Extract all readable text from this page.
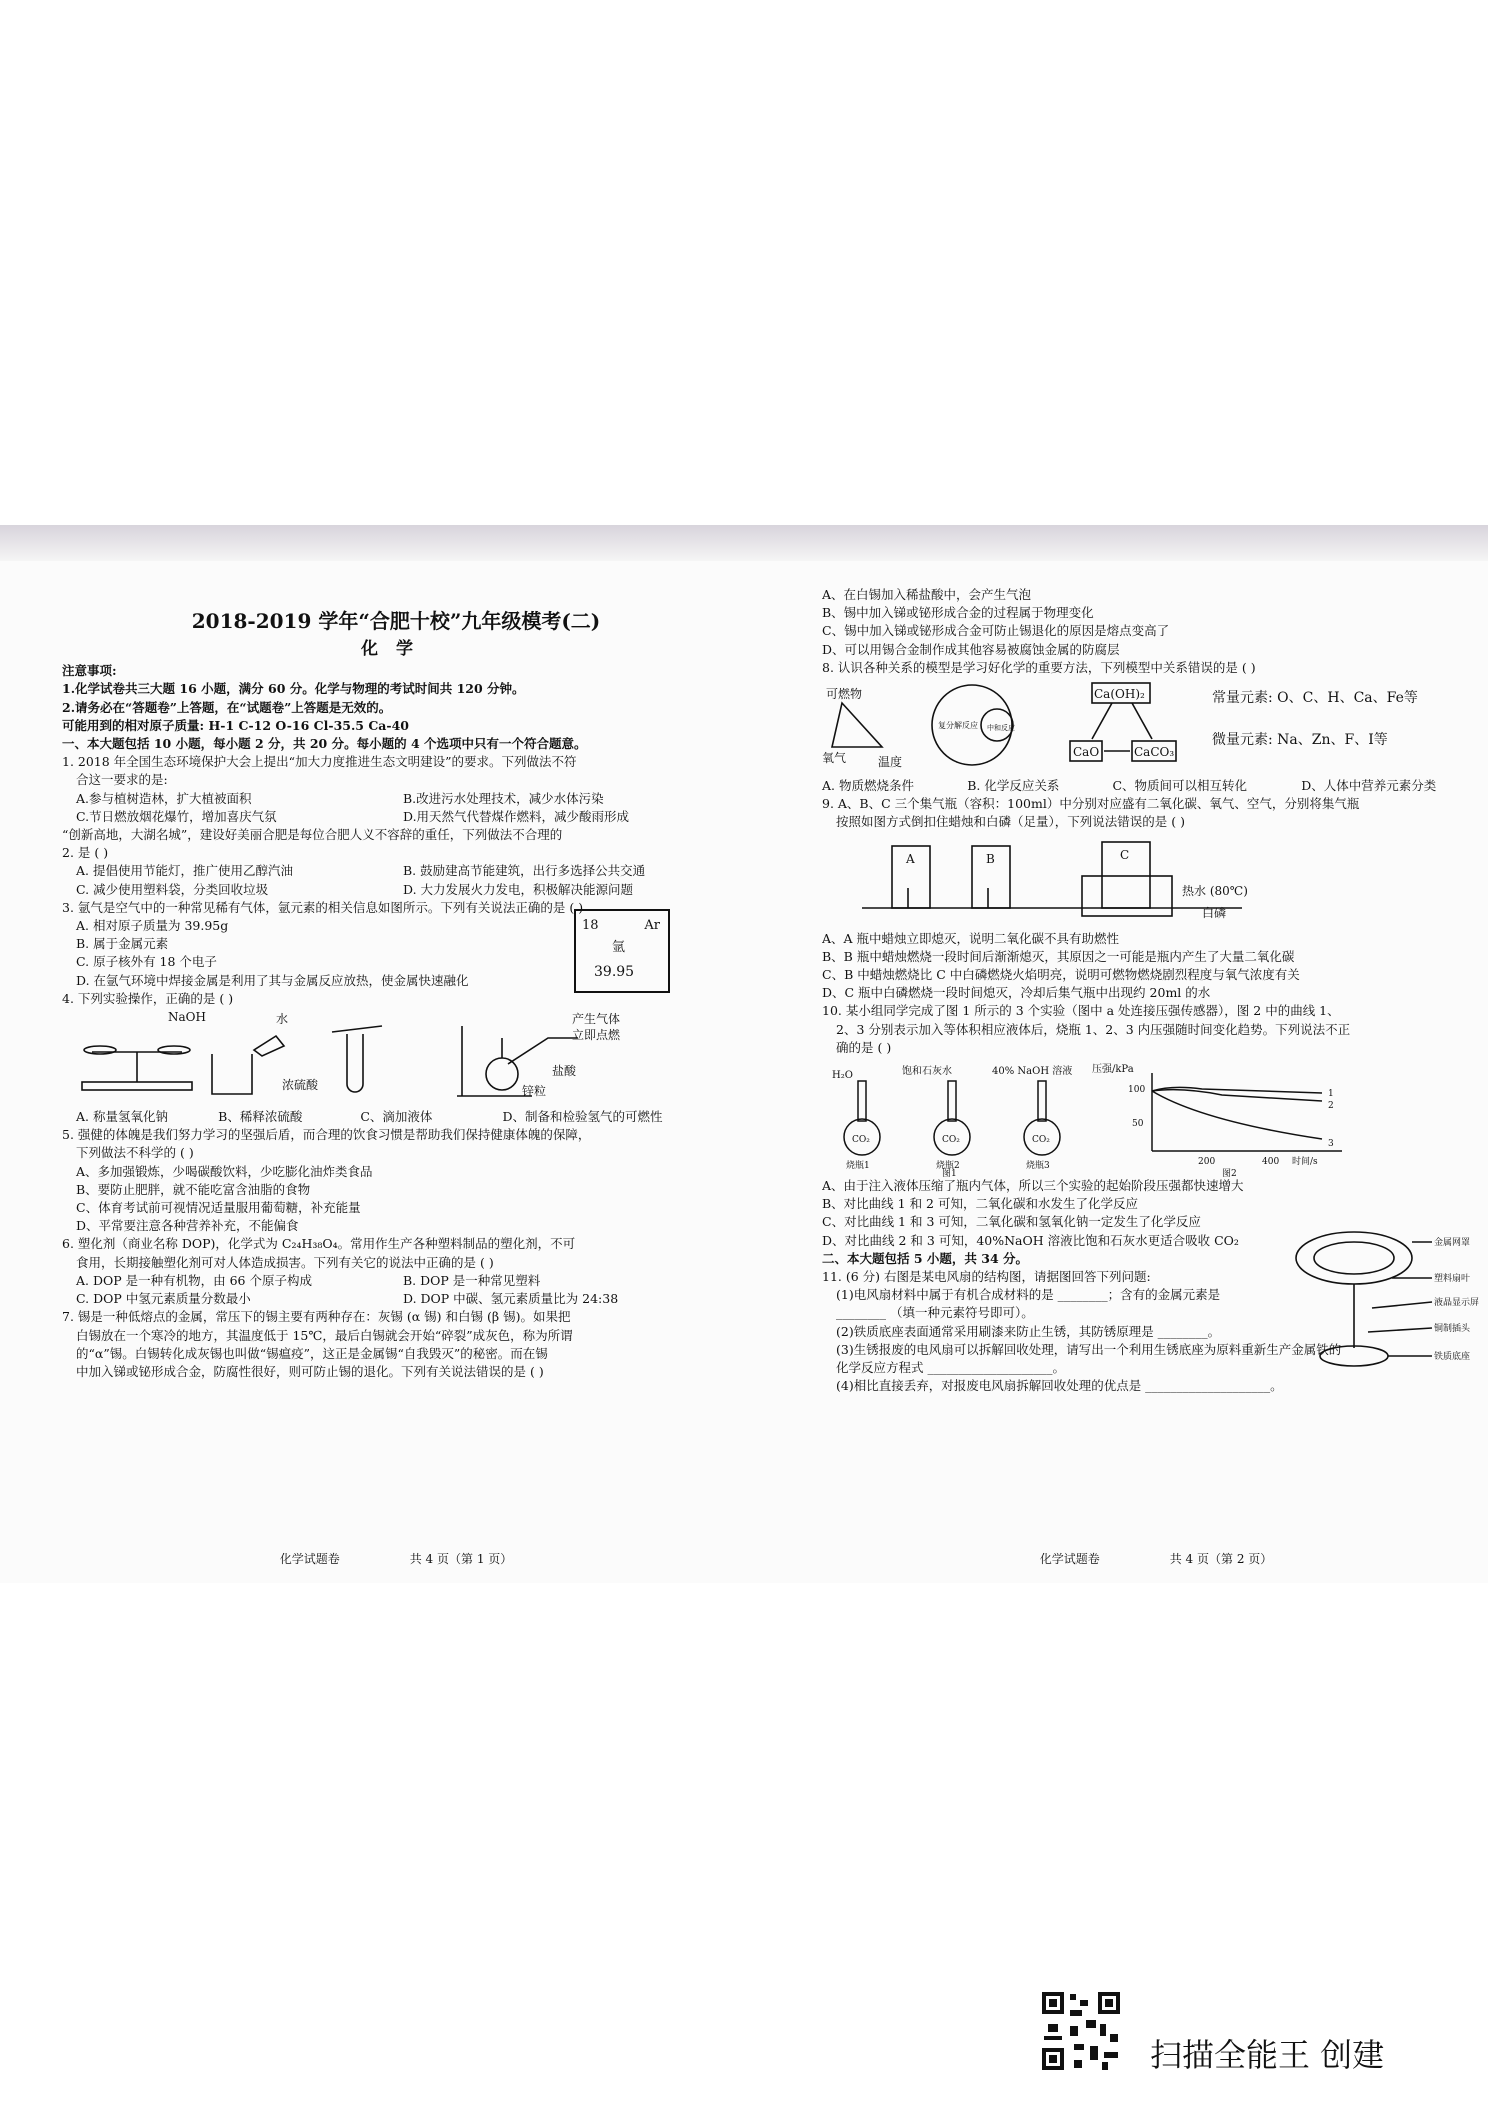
2018-2019 学年“合肥十校”九年级模考(二)
化学
注意事项:
1.化学试卷共三大题 16 小题，满分 60 分。化学与物理的考试时间共 120 分钟。
2.请务必在“答题卷”上答题，在“试题卷”上答题是无效的。
可能用到的相对原子质量: H-1 C-12 O-16 Cl-35.5 Ca-40
一、本大题包括 10 小题，每小题 2 分，共 20 分。每小题的 4 个选项中只有一个符合题意。
1. 2018 年全国生态环境保护大会上提出“加大力度推进生态文明建设”的要求。下列做法不符
合这一要求的是:
A.参与植树造林，扩大植被面积	B.改进污水处理技术，减少水体污染
C.节日燃放烟花爆竹，增加喜庆气氛	D.用天然气代替煤作燃料，减少酸雨形成
“创新高地，大湖名城”，建设好美丽合肥是每位合肥人义不容辞的重任，下列做法不合理的
2. 是 ( )
A. 提倡使用节能灯，推广使用乙醇汽油	B. 鼓励建高节能建筑，出行多选择公共交通
C. 减少使用塑料袋，分类回收垃圾	D. 大力发展火力发电，积极解决能源问题
3. 氩气是空气中的一种常见稀有气体，氩元素的相关信息如图所示。下列有关说法正确的是 ( )
A. 相对原子质量为 39.95g
B. 属于金属元素
C. 原子核外有 18 个电子
D. 在氩气环境中焊接金属是利用了其与金属反应放热，使金属快速融化
18	Ar
氩
39.95
4. 下列实验操作，正确的是 ( )
NaOH	水
浓硫酸
产生气体
立即点燃
盐酸
锌粒
A. 称量氢氧化钠	B、稀释浓硫酸	C、滴加液体	D、制备和检验氢气的可燃性
5. 强健的体魄是我们努力学习的坚强后盾，而合理的饮食习惯是帮助我们保持健康体魄的保障，
下列做法不科学的 ( )
A、多加强锻炼，少喝碳酸饮料，少吃膨化油炸类食品
B、要防止肥胖，就不能吃富含油脂的食物
C、体育考试前可视情况适量服用葡萄糖，补充能量
D、平常要注意各种营养补充，不能偏食
6. 塑化剂（商业名称 DOP)，化学式为 C₂₄H₃₈O₄。常用作生产各种塑料制品的塑化剂，不可
食用，长期接触塑化剂可对人体造成损害。下列有关它的说法中正确的是 ( )
A. DOP 是一种有机物，由 66 个原子构成	B. DOP 是一种常见塑料
C. DOP 中氢元素质量分数最小	D. DOP 中碳、氢元素质量比为 24:38
7. 锡是一种低熔点的金属，常压下的锡主要有两种存在：灰锡 (α 锡) 和白锡 (β 锡)。如果把
白锡放在一个寒冷的地方，其温度低于 15℃，最后白锡就会开始“碎裂”成灰色，称为所谓
的“α”锡。白锡转化成灰锡也叫做“锡瘟疫”，这正是金属锡“自我毁灭”的秘密。而在锡
中加入锑或铋形成合金，防腐性很好，则可防止锡的退化。下列有关说法错误的是 ( )
化学试题卷	共 4 页（第 1 页）
A、在白锡加入稀盐酸中，会产生气泡
B、锡中加入锑或铋形成合金的过程属于物理变化
C、锡中加入锑或铋形成合金可防止锡退化的原因是熔点变高了
D、可以用锡合金制作成其他容易被腐蚀金属的防腐层
8. 认识各种关系的模型是学习好化学的重要方法，下列模型中关系错误的是 ( )
可燃物
氧气	温度
复分解反应 中和反应
Ca(OH)₂
CaO	CaCO₃
常量元素: O、C、H、Ca、Fe等
微量元素: Na、Zn、F、I等
A. 物质燃烧条件	B. 化学反应关系	C、物质间可以相互转化	D、人体中营养元素分类
9. A、B、C 三个集气瓶（容积：100ml）中分别对应盛有二氧化碳、氧气、空气，分别将集气瓶
按照如图方式倒扣住蜡烛和白磷（足量），下列说法错误的是 ( )
A	B	C
热水 (80℃)
白磷
A、A 瓶中蜡烛立即熄灭，说明二氧化碳不具有助燃性
B、B 瓶中蜡烛燃烧一段时间后渐渐熄灭，其原因之一可能是瓶内产生了大量二氧化碳
C、B 中蜡烛燃烧比 C 中白磷燃烧火焰明亮，说明可燃物燃烧剧烈程度与氧气浓度有关
D、C 瓶中白磷燃烧一段时间熄灭，冷却后集气瓶中出现约 20ml 的水
10. 某小组同学完成了图 1 所示的 3 个实验（图中 a 处连接压强传感器），图 2 中的曲线 1、
2、3 分别表示加入等体积相应液体后，烧瓶 1、2、3 内压强随时间变化趋势。下列说法不正
确的是 ( )
H₂O	饱和石灰水	40% NaOH 溶液
CO₂	CO₂	CO₂
烧瓶1	烧瓶2	烧瓶3
图1
压强/kPa
100
50
200	400 时间/s
图2
1
2
3
A、由于注入液体压缩了瓶内气体，所以三个实验的起始阶段压强都快速增大
B、对比曲线 1 和 2 可知，二氧化碳和水发生了化学反应
C、对比曲线 1 和 3 可知，二氧化碳和氢氧化钠一定发生了化学反应
D、对比曲线 2 和 3 可知，40%NaOH 溶液比饱和石灰水更适合吸收 CO₂
二、本大题包括 5 小题，共 34 分。
11. (6 分) 右图是某电风扇的结构图，请据图回答下列问题:
(1)电风扇材料中属于有机合成材料的是 ________；含有的金属元素是
________ （填一种元素符号即可）。
(2)铁质底座表面通常采用刷漆来防止生锈，其防锈原理是 ________。
(3)生锈报废的电风扇可以拆解回收处理，请写出一个利用生锈底座为原料重新生产金属铁的
化学反应方程式 ____________________。
(4)相比直接丢弃，对报废电风扇拆解回收处理的优点是 ____________________。
金属网罩
塑料扇叶
液晶显示屏
铜制插头
铁质底座
化学试题卷	共 4 页（第 2 页）
扫描全能王 创建
